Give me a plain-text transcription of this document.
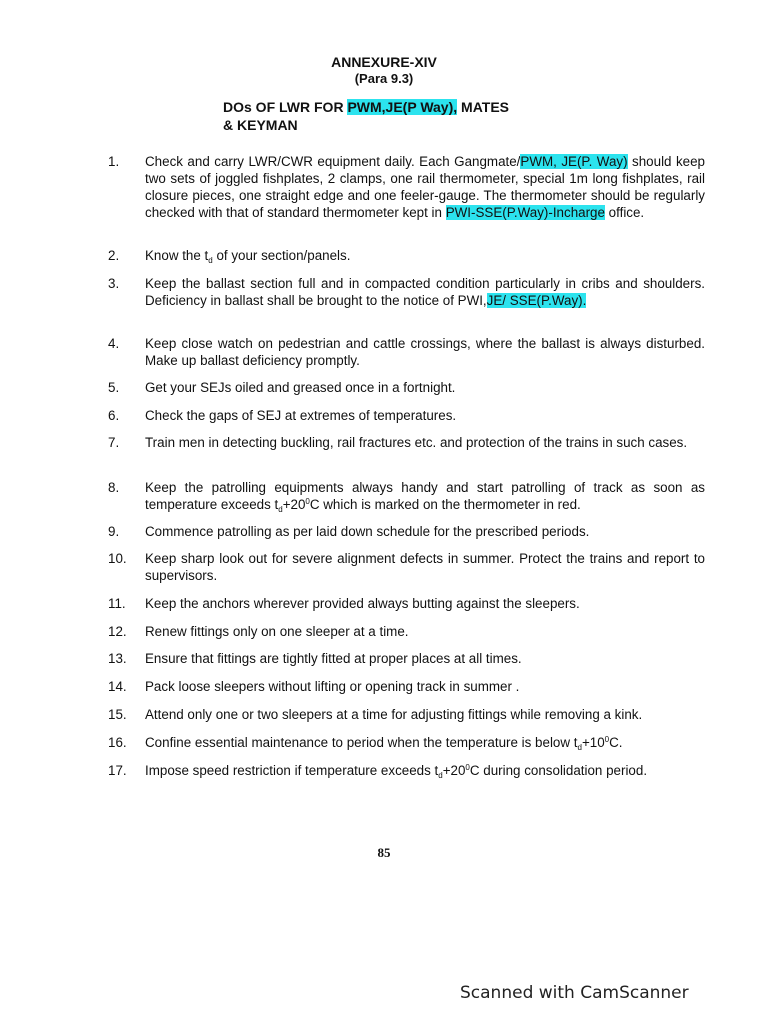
ANNEXURE-XIV
(Para 9.3)
DOs OF LWR FOR PWM,JE(P Way), MATES
& KEYMAN
1.	Check and carry LWR/CWR equipment daily. Each Gangmate/PWM, JE(P. Way) should keep two sets of joggled fishplates, 2 clamps, one rail thermometer, special 1m long fishplates, rail closure pieces, one straight edge and one feeler-gauge. The thermometer should be regularly checked with that of standard thermometer kept in PWI-SSE(P.Way)-Incharge office.
2.	Know the $t_d$ of your section/panels.
3.	Keep the ballast section full and in compacted condition particularly in cribs and shoulders. Deficiency in ballast shall be brought to the notice of PWI,JE/ SSE(P.Way).
4.	Keep close watch on pedestrian and cattle crossings, where the ballast is always disturbed. Make up ballast deficiency promptly.
5.	Get your SEJs oiled and greased once in a fortnight.
6.	Check the gaps of SEJ at extremes of temperatures.
7.	Train men in detecting buckling, rail fractures etc. and protection of the trains in such cases.
8.	Keep the patrolling equipments always handy and start patrolling of track as soon as temperature exceeds $t_d+20^0C$ which is marked on the thermometer in red.
9.	Commence patrolling as per laid down schedule for the prescribed periods.
10.	Keep sharp look out for severe alignment defects in summer. Protect the trains and report to supervisors.
11.	Keep the anchors wherever provided always butting against the sleepers.
12.	Renew fittings only on one sleeper at a time.
13.	Ensure that fittings are tightly fitted at proper places at all times.
14.	Pack loose sleepers without lifting or opening track in summer .
15.	Attend only one or two sleepers at a time for adjusting fittings while removing a kink.
16.	Confine essential maintenance to period when the temperature is below $t_d+10^0C$.
17.	Impose speed restriction if temperature exceeds $t_d+20^0C$ during consolidation period.
85
Scanned with CamScanner
